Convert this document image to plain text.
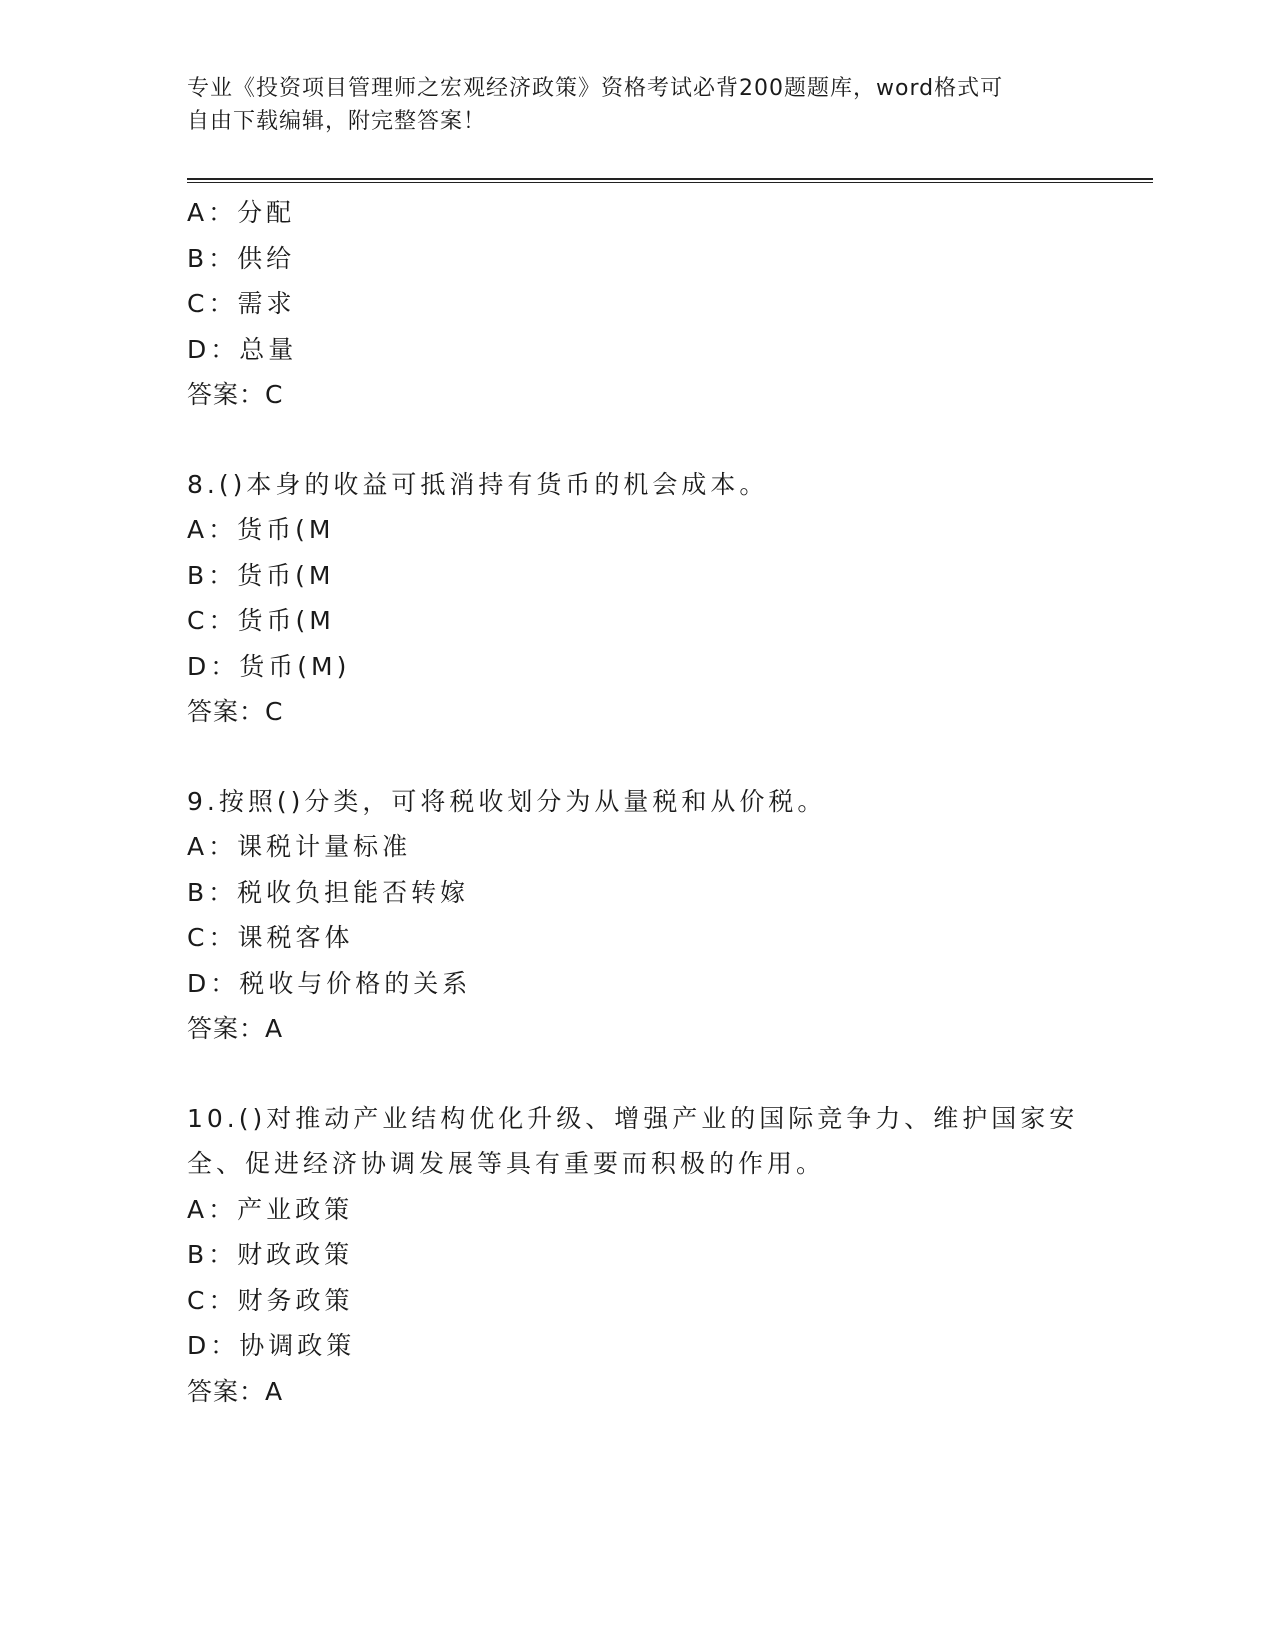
专业《投资项目管理师之宏观经济政策》资格考试必背200题题库，word格式可
自由下载编辑，附完整答案！
A：分配
B：供给
C：需求
D：总量
答案：C
8.()本身的收益可抵消持有货币的机会成本。
A：货币(M
B：货币(M
C：货币(M
D：货币(M)
答案：C
9.按照()分类，可将税收划分为从量税和从价税。
A：课税计量标准
B：税收负担能否转嫁
C：课税客体
D：税收与价格的关系
答案：A
10.()对推动产业结构优化升级、增强产业的国际竞争力、维护国家安
全、促进经济协调发展等具有重要而积极的作用。
A：产业政策
B：财政政策
C：财务政策
D：协调政策
答案：A
